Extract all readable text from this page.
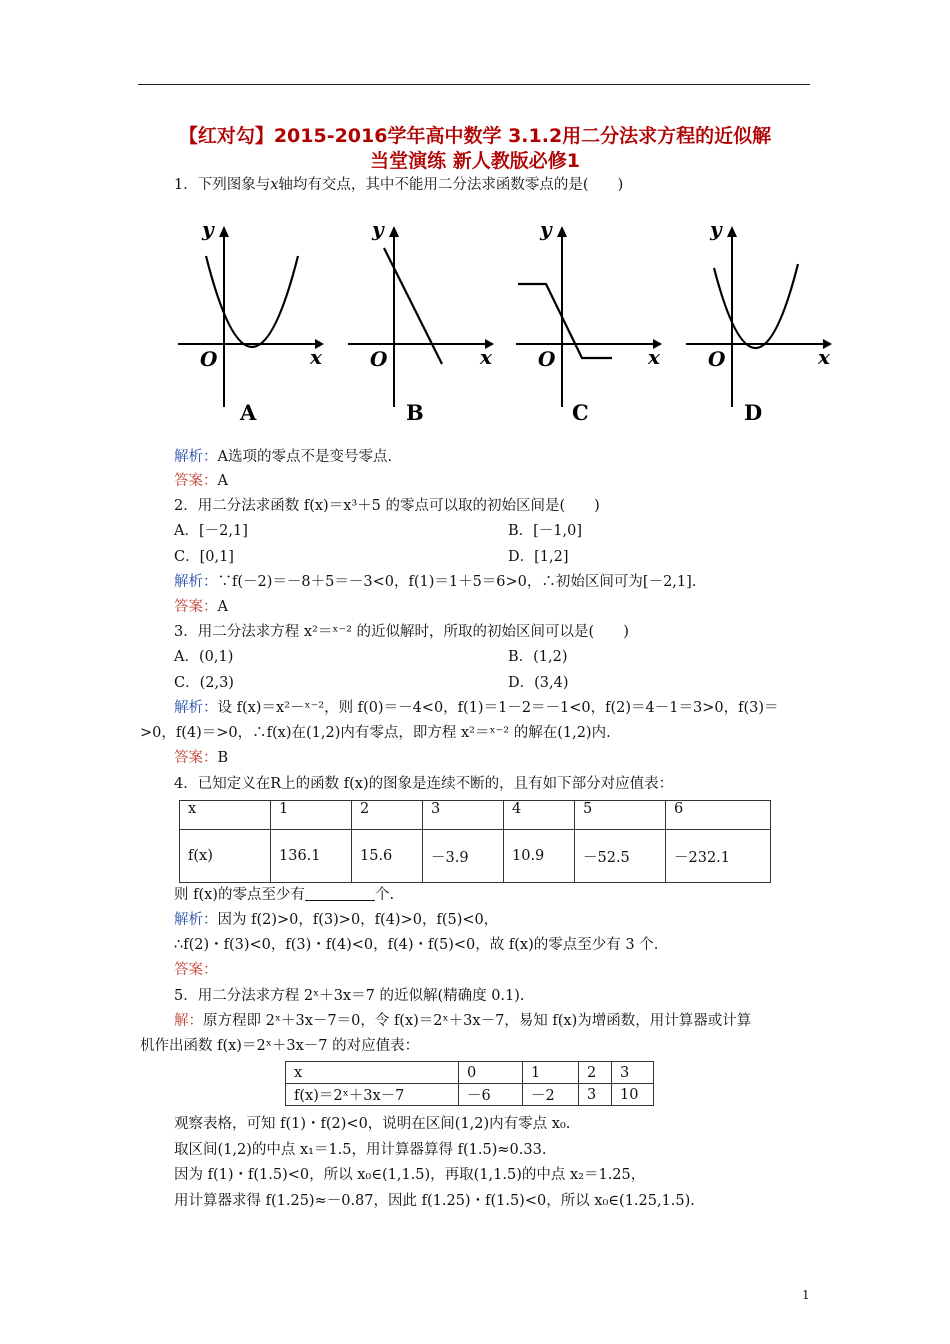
【红对勾】2015-2016学年高中数学 3.1.2用二分法求方程的近似解
当堂演练 新人教版必修1
1．下列图象与x轴均有交点，其中不能用二分法求函数零点的是(　　)
y
x
O
A
y
x
O
B
y
x
O
C
y
x
O
D
解析：A选项的零点不是变号零点.
答案：A
2．用二分法求函数 f(x)＝x³＋5 的零点可以取的初始区间是(　　)
A．[－2,1]	B．[－1,0]
C．[0,1]	D．[1,2]
解析：∵f(－2)＝－8＋5＝－3<0，f(1)＝1＋5＝6>0，∴初始区间可为[－2,1].
答案：A
3．用二分法求方程 x²＝ˣ⁻² 的近似解时，所取的初始区间可以是(　　)
A．(0,1)	B．(1,2)
C．(2,3)	D．(3,4)
解析：设 f(x)＝x²－ˣ⁻²，则 f(0)＝－4<0，f(1)＝1－2＝－1<0，f(2)＝4－1＝3>0，f(3)＝
>0，f(4)＝>0，∴f(x)在(1,2)内有零点，即方程 x²＝ˣ⁻² 的解在(1,2)内.
答案：B
4．已知定义在R上的函数 f(x)的图象是连续不断的，且有如下部分对应值表：
x	1	2	3	4	5	6
f(x)	136.1	15.6	－3.9	10.9	－52.5	－232.1
则 f(x)的零点至少有	个.
解析：因为 f(2)>0，f(3)>0，f(4)>0，f(5)<0，
∴f(2)・f(3)<0，f(3)・f(4)<0，f(4)・f(5)<0，故 f(x)的零点至少有 3 个.
答案：
5．用二分法求方程 2ˣ＋3x＝7 的近似解(精确度 0.1).
解：原方程即 2ˣ＋3x－7＝0，令 f(x)＝2ˣ＋3x－7，易知 f(x)为增函数，用计算器或计算
机作出函数 f(x)＝2ˣ＋3x－7 的对应值表：
x	0	1	2	3
f(x)＝2ˣ＋3x－7	－6	－2	3	10
观察表格，可知 f(1)・f(2)<0，说明在区间(1,2)内有零点 x₀.
取区间(1,2)的中点 x₁＝1.5，用计算器算得 f(1.5)≈0.33.
因为 f(1)・f(1.5)<0，所以 x₀∈(1,1.5)，再取(1,1.5)的中点 x₂＝1.25，
用计算器求得 f(1.25)≈－0.87，因此 f(1.25)・f(1.5)<0，所以 x₀∈(1.25,1.5).
1
